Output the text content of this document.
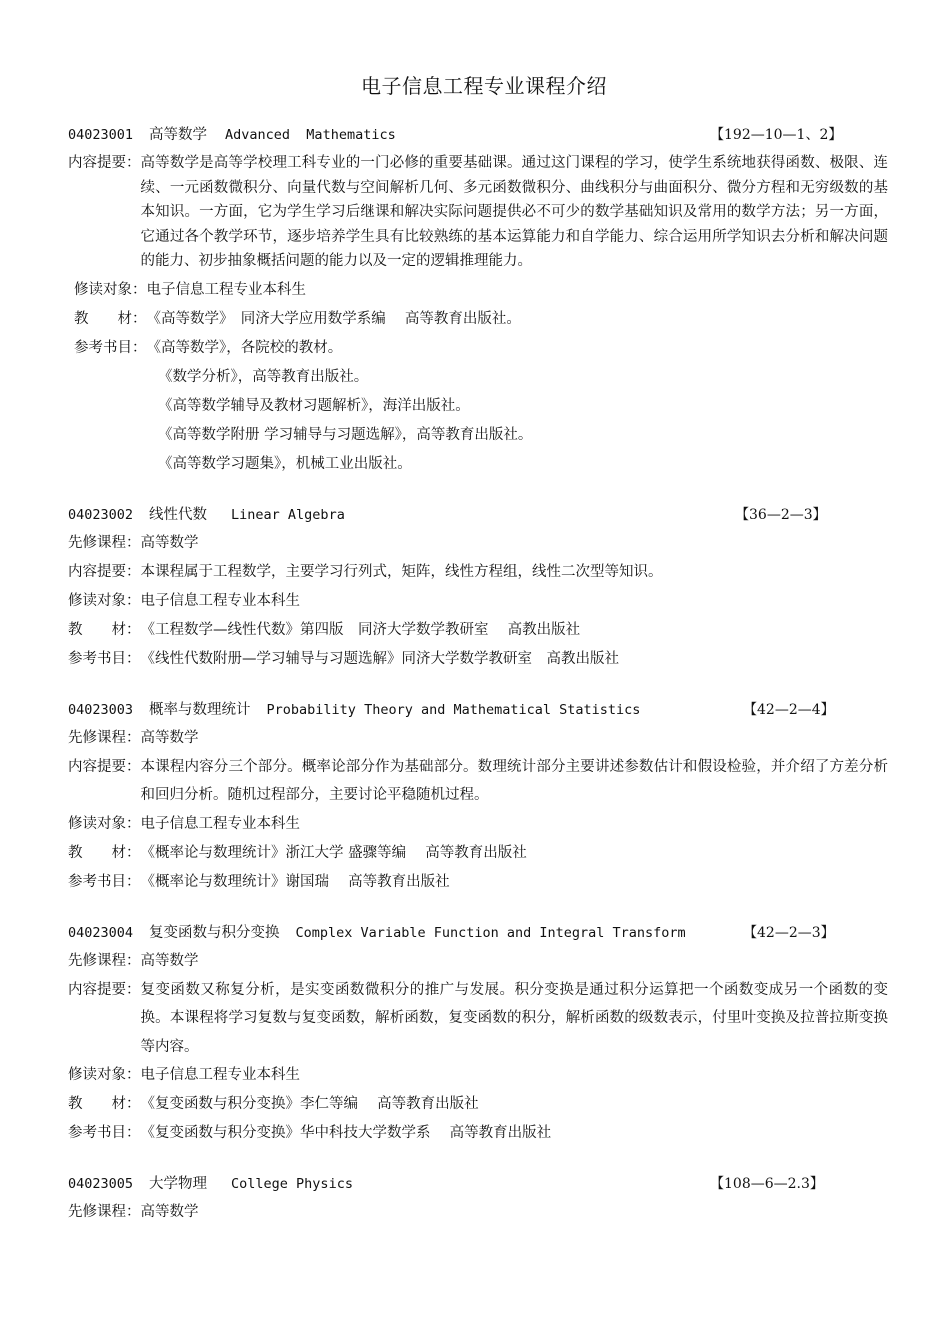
电子信息工程专业课程介绍
04023001 高等数学 Advanced  Mathematics	【192—10—1、2】
内容提要： 高等数学是高等学校理工科专业的一门必修的重要基础课。通过这门课程的学习，使学生系统地获得函数、极限、连续、一元函数微积分、向量代数与空间解析几何、多元函数微积分、曲线积分与曲面积分、微分方程和无穷级数的基本知识。一方面，它为学生学习后继课和解决实际问题提供必不可少的数学基础知识及常用的数学方法；另一方面，它通过各个教学环节，逐步培养学生具有比较熟练的基本运算能力和自学能力、综合运用所学知识去分析和解决问题的能力、初步抽象概括问题的能力以及一定的逻辑推理能力。
修读对象： 电子信息工程专业本科生
教　　材： 《高等数学》　同济大学应用数学系编　 高等教育出版社。
参考书目： 《高等数学》，各院校的教材。
《数学分析》，高等教育出版社。
《高等数学辅导及教材习题解析》，海洋出版社。
《高等数学附册 学习辅导与习题选解》，高等教育出版社。
《高等数学习题集》，机械工业出版社。
04023002 线性代数 Linear Algebra	【36—2—3】
先修课程： 高等数学
内容提要： 本课程属于工程数学，主要学习行列式，矩阵，线性方程组，线性二次型等知识。
修读对象： 电子信息工程专业本科生
教　　材： 《工程数学—线性代数》第四版　同济大学数学教研室　 高教出版社
参考书目： 《线性代数附册—学习辅导与习题选解》同济大学数学教研室　高教出版社
04023003 概率与数理统计 Probability Theory and Mathematical Statistics	【42—2—4】
先修课程： 高等数学
内容提要： 本课程内容分三个部分。概率论部分作为基础部分。数理统计部分主要讲述参数估计和假设检验，并介绍了方差分析和回归分析。随机过程部分，主要讨论平稳随机过程。
修读对象： 电子信息工程专业本科生
教　　材： 《概率论与数理统计》浙江大学 盛骤等编　 高等教育出版社
参考书目： 《概率论与数理统计》谢国瑞　 高等教育出版社
04023004 复变函数与积分变换 Complex Variable Function and Integral Transform	【42—2—3】
先修课程： 高等数学
内容提要： 复变函数又称复分析，是实变函数微积分的推广与发展。积分变换是通过积分运算把一个函数变成另一个函数的变换。本课程将学习复数与复变函数，解析函数，复变函数的积分，解析函数的级数表示，付里叶变换及拉普拉斯变换等内容。
修读对象： 电子信息工程专业本科生
教　　材： 《复变函数与积分变换》李仁等编　 高等教育出版社
参考书目： 《复变函数与积分变换》华中科技大学数学系　 高等教育出版社
04023005 大学物理 College Physics	【108—6—2.3】
先修课程： 高等数学
